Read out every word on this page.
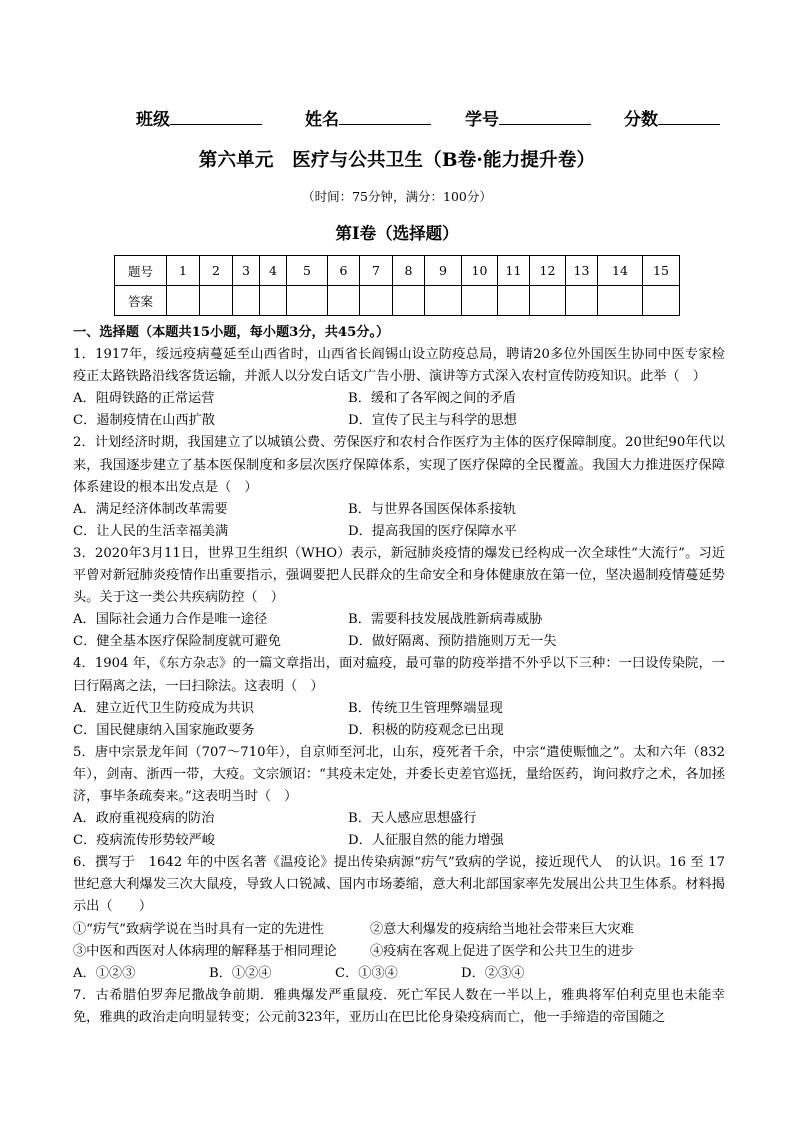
班级	姓名	学号	分数
第六单元　医疗与公共卫生（B卷·能力提升卷）
（时间：75分钟，满分：100分）
第Ⅰ卷（选择题）
题号	1	2	3	4	5	6	7	8	9	10	11	12	13	14	15
答案															

一、选择题（本题共15小题，每小题3分，共45分。）

1．1917年，绥远疫病蔓延至山西省时，山西省长阎锡山设立防疫总局，聘请20多位外国医生协同中医专家检疫正太路铁路沿线客货运输，并派人以分发白话文广告小册、演讲等方式深入农村宣传防疫知识。此举（　）

A．阻碍铁路的正常运营	B．缓和了各军阀之间的矛盾
C．遏制疫情在山西扩散	D．宣传了民主与科学的思想

2．计划经济时期，我国建立了以城镇公费、劳保医疗和农村合作医疗为主体的医疗保障制度。20世纪90年代以来，我国逐步建立了基本医保制度和多层次医疗保障体系，实现了医疗保障的全民覆盖。我国大力推进医疗保障体系建设的根本出发点是（　）

A．满足经济体制改革需要	B．与世界各国医保体系接轨
C．让人民的生活幸福美满	D．提高我国的医疗保障水平

3．2020年3月11日，世界卫生组织（WHO）表示，新冠肺炎疫情的爆发已经构成一次全球性“大流行”。习近平曾对新冠肺炎疫情作出重要指示，强调要把人民群众的生命安全和身体健康放在第一位，坚决遏制疫情蔓延势头。关于这一类公共疾病防控（　）

A．国际社会通力合作是唯一途径	B．需要科技发展战胜新病毒威胁
C．健全基本医疗保险制度就可避免	D．做好隔离、预防措施则万无一失

4．1904 年，《东方杂志》的一篇文章指出，面对瘟疫，最可靠的防疫举措不外乎以下三种：一曰设传染院，一曰行隔离之法，一曰扫除法。这表明（　）

A．建立近代卫生防疫成为共识	B．传统卫生管理弊端显现
C．国民健康纳入国家施政要务	D．积极的防疫观念已出现

5．唐中宗景龙年间（707～710年），自京师至河北，山东，疫死者千余，中宗“遣使赈恤之”。太和六年（832年），剑南、浙西一带，大疫。文宗颁诏：“其疫未定处，并委长吏差官巡抚，量给医药，询问救疗之术，各加拯济，事毕条疏奏来。”这表明当时（　）

A．政府重视疫病的防治	B．天人感应思想盛行
C．疫病流传形势较严峻	D．人征服自然的能力增强

6．撰写于　1642 年的中医名著《温疫论》提出传染病源“疠气”致病的学说，接近现代人　的认识。16 至 17 世纪意大利爆发三次大鼠疫，导致人口锐减、国内市场萎缩，意大利北部国家率先发展出公共卫生体系。材料揭示出（　　）

①“疠气”致病学说在当时具有一定的先进性	②意大利爆发的疫病给当地社会带来巨大灾难
③中医和西医对人体病理的解释基于相同理论	④疫病在客观上促进了医学和公共卫生的进步
A．①②③	B．①②④	C．①③④	D．②③④

7．古希腊伯罗奔尼撒战争前期．雅典爆发严重鼠疫．死亡军民人数在一半以上，雅典将军伯利克里也未能幸免，雅典的政治走向明显转变；公元前323年，亚历山在巴比伦身染疫病而亡，他一手缔造的帝国随之
